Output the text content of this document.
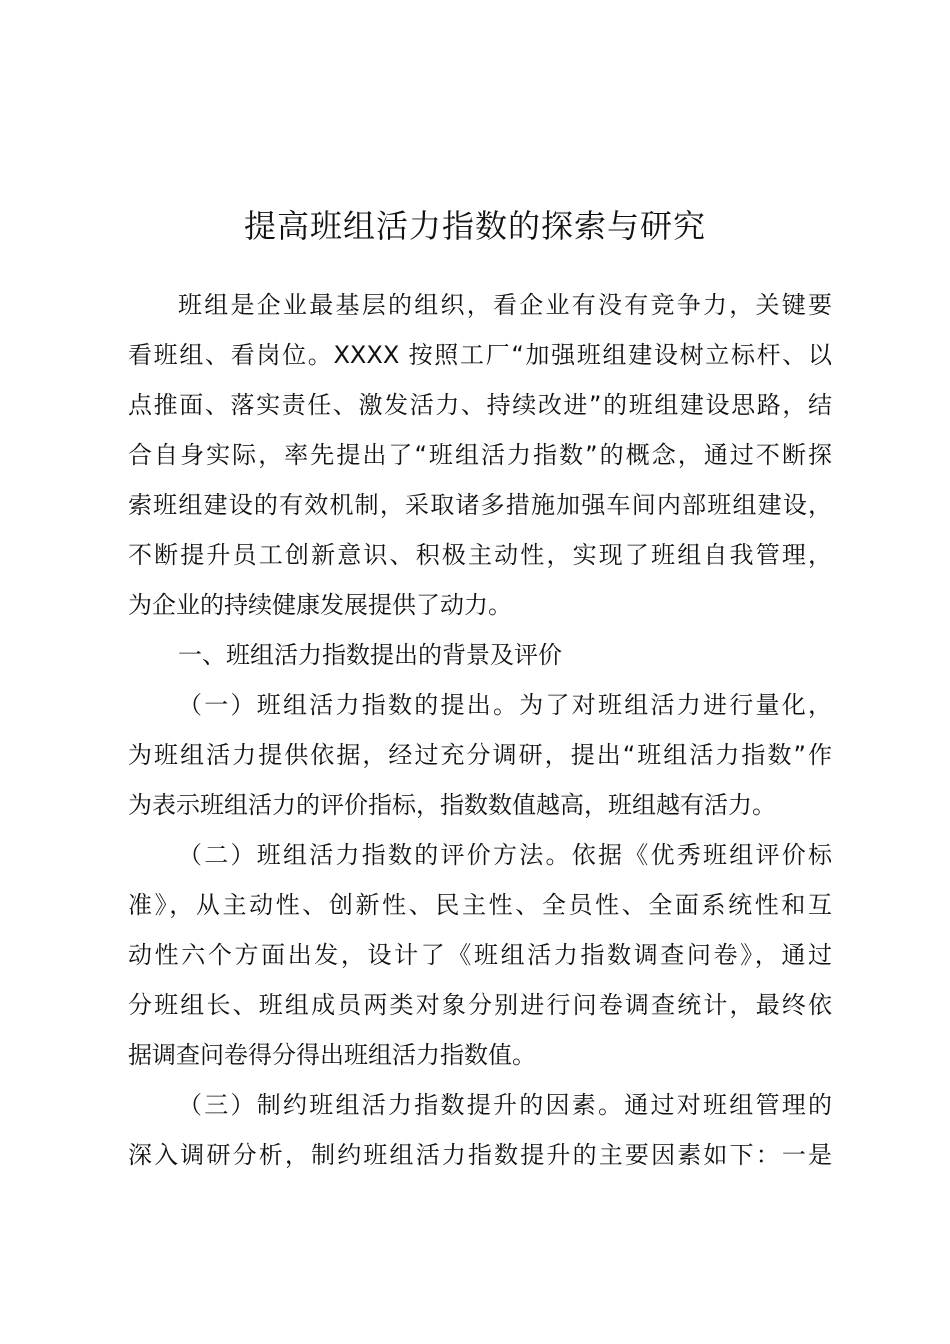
提高班组活力指数的探索与研究
班组是企业最基层的组织，看企业有没有竞争力，关键要
看班组、看岗位。XXXX 按照工厂“加强班组建设树立标杆、以
点推面、落实责任、激发活力、持续改进”的班组建设思路，结
合自身实际，率先提出了“班组活力指数”的概念，通过不断探
索班组建设的有效机制，采取诸多措施加强车间内部班组建设，
不断提升员工创新意识、积极主动性，实现了班组自我管理，
为企业的持续健康发展提供了动力。
一、班组活力指数提出的背景及评价
（一）班组活力指数的提出。为了对班组活力进行量化，
为班组活力提供依据，经过充分调研，提出“班组活力指数”作
为表示班组活力的评价指标，指数数值越高，班组越有活力。
（二）班组活力指数的评价方法。依据《优秀班组评价标
准》，从主动性、创新性、民主性、全员性、全面系统性和互
动性六个方面出发，设计了《班组活力指数调查问卷》，通过
分班组长、班组成员两类对象分别进行问卷调查统计，最终依
据调查问卷得分得出班组活力指数值。
（三）制约班组活力指数提升的因素。通过对班组管理的
深入调研分析，制约班组活力指数提升的主要因素如下：一是
